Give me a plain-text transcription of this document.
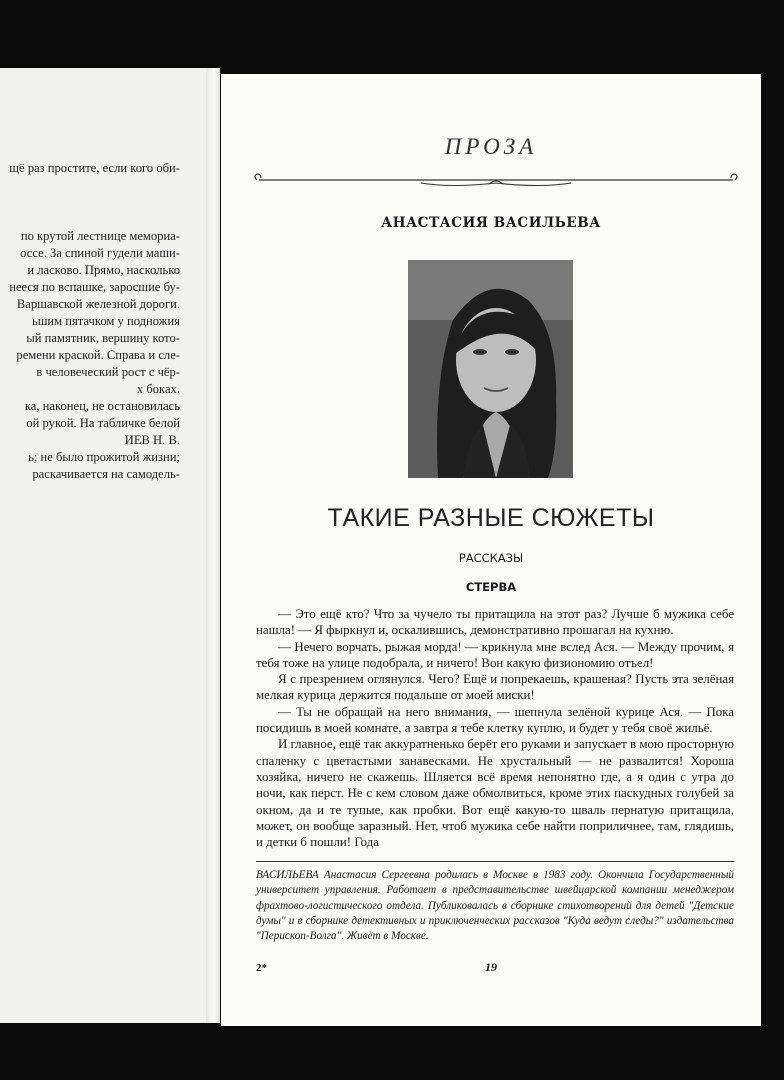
щё раз простите, если кого оби-
по крутой лестнице мемориа-
оссе. За спиной гудели маши-
и ласково. Прямо, насколько
нееся по вспашке, заросшие бу-
Варшавской железной дороги.
ьшим пятачком у подножия
ый памятник, вершину кото-
ремени краской. Справа и сле-
в человеческий рост с чёр-
х боках.
ка, наконец, не остановилась
ой рукой. На табличке белой
ИЕВ Н. В.
ь; не было прожитой жизни;
раскачивается на самодель-
ПРОЗА
АНАСТАСИЯ ВАСИЛЬЕВА
ТАКИЕ РАЗНЫЕ СЮЖЕТЫ
РАССКАЗЫ
СТЕРВА

— Это ещё кто? Что за чучело ты притащила на этот раз? Лучше б мужика себе нашла! — Я фыркнул и, оскалившись, демонстративно прошагал на кухню.

— Нечего ворчать, рыжая морда! — крикнула мне вслед Ася. — Между прочим, я тебя тоже на улице подобрала, и ничего! Вон какую физиономию отъел!

Я с презрением оглянулся. Чего? Ещё и попрекаешь, крашеная? Пусть эта зелёная мелкая курица держится подальше от моей миски!

— Ты не обращай на него внимания, — шепнула зелёной курице Ася. — Пока посидишь в моей комнате, а завтра я тебе клетку куплю, и будет у тебя своё жильё.

И главное, ещё так аккуратненько берёт его руками и запускает в мою просторную спаленку с цветастыми занавесками. Не хрустальный — не развалится! Хороша хозяйка, ничего не скажешь. Шляется всё время непонятно где, а я один с утра до ночи, как перст. Не с кем словом даже обмолвиться, кроме этих паскудных голубей за окном, да и те тупые, как пробки. Вот ещё какую-то шваль пернатую притащила, может, он вообще заразный. Нет, чтоб мужика себе найти поприличнее, там, глядишь, и детки б пошли! Года

ВАСИЛЬЕВА Анастасия Сергеевна родилась в Москве в 1983 году. Окончила Государственный университет управления. Работает в представительстве швейцарской компании менеджером фрахтово-логистического отдела. Публиковалась в сборнике стихотворений для детей "Детские думы" и в сборнике детективных и приключенческих рассказов "Куда ведут следы?" издательства "Перископ-Волга". Живёт в Москве.
2*	19
